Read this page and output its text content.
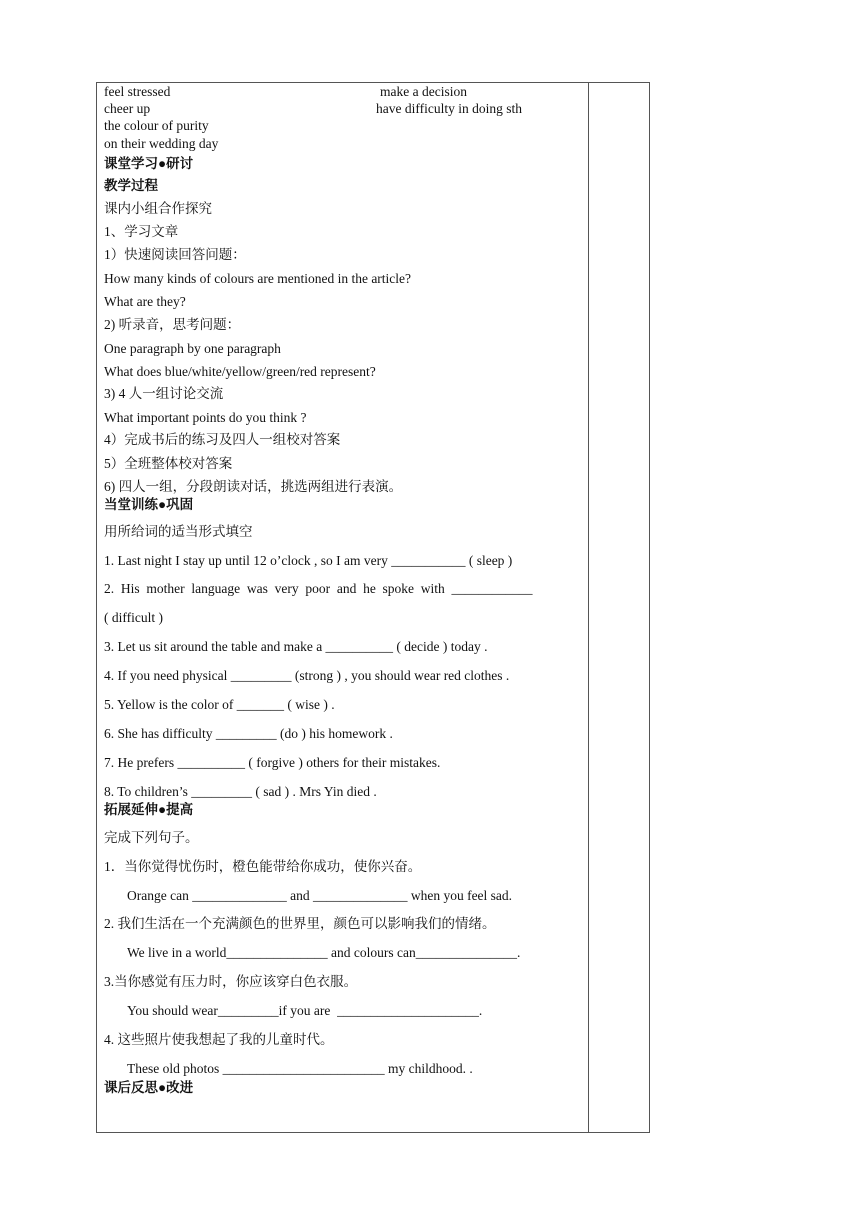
feel stressed
cheer up
the colour of purity
on their wedding day
make a decision
have difficulty in doing sth
课堂学习●研讨
教学过程
课内小组合作探究
1、学习文章
1）快速阅读回答问题：
How many kinds of colours are mentioned in the article?
What are they?
2) 听录音，思考问题：
One paragraph by one paragraph
What does blue/white/yellow/green/red represent?
3) 4 人一组讨论交流
What important points do you think ?
4）完成书后的练习及四人一组校对答案
5）全班整体校对答案
6) 四人一组，分段朗读对话，挑选两组进行表演。
当堂训练●巩固
用所给词的适当形式填空
1. Last night I stay up until 12 o’clock , so I am very ___________ ( sleep )
2.  His  mother  language  was  very  poor  and  he  spoke  with  ____________
( difficult )
3. Let us sit around the table and make a __________ ( decide ) today .
4. If you need physical _________ (strong ) , you should wear red clothes .
5. Yellow is the color of _______ ( wise ) .
6. She has difficulty _________ (do ) his homework .
7. He prefers __________ ( forgive ) others for their mistakes.
8. To children’s _________ ( sad ) . Mrs Yin died .
拓展延伸●提高
完成下列句子。
1．当你觉得忧伤时，橙色能带给你成功，使你兴奋。
Orange can ______________ and ______________ when you feel sad.
2. 我们生活在一个充满颜色的世界里，颜色可以影响我们的情绪。
We live in a world_______________ and colours can_______________.
3.当你感觉有压力时，你应该穿白色衣服。
You should wear_________if you are  _____________________.
4. 这些照片使我想起了我的儿童时代。
These old photos ________________________ my childhood. .
课后反思●改进
